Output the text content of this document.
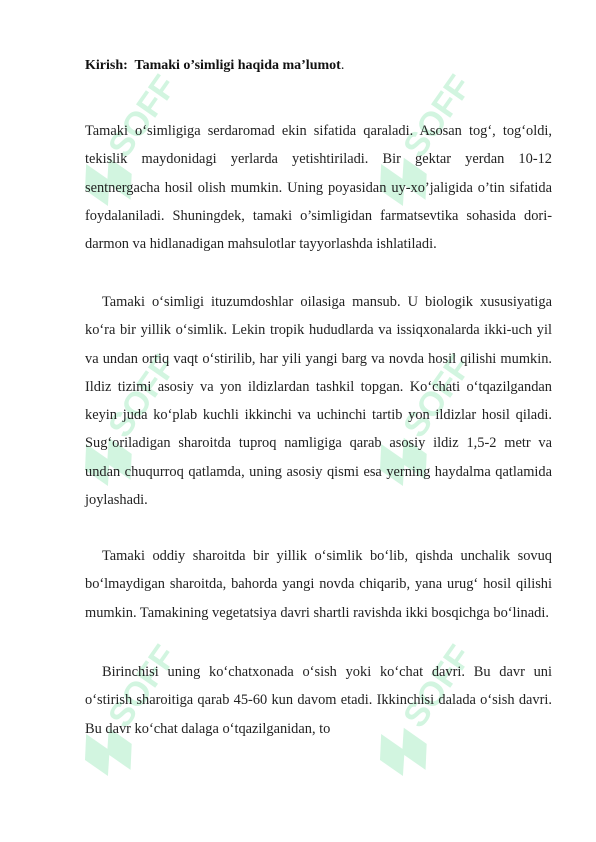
SOFF	SOFF
SOFF	SOFF
SOFF	SOFF
Kirish: Tamaki o’simligi haqida ma’lumot.

Tamaki o‘simligiga serdaromad ekin sifatida qaraladi. Asosan tog‘, tog‘oldi, tekislik maydonidagi yerlarda yetishtiriladi. Bir gektar yerdan 10-12 sentnergacha hosil olish mumkin. Uning poyasidan uy-xo’jaligida o’tin sifatida foydalaniladi. Shuningdek, tamaki o’simligidan farmatsevtika sohasida dori-darmon va hidlanadigan mahsulotlar tayyorlashda ishlatiladi.

Tamaki o‘simligi ituzumdoshlar oilasiga mansub. U biologik xususiyatiga ko‘ra bir yillik o‘simlik. Lekin tropik hududlarda va issiqxonalarda ikki-uch yil va undan ortiq vaqt o‘stirilib, har yili yangi barg va novda hosil qilishi mumkin. Ildiz tizimi asosiy va yon ildizlardan tashkil topgan. Ko‘chati o‘tqazilgandan keyin juda ko‘plab kuchli ikkinchi va uchinchi tartib yon ildizlar hosil qiladi. Sug‘oriladigan sharoitda tuproq namligiga qarab asosiy ildiz 1,5-2 metr va undan chuqurroq qatlamda, uning asosiy qismi esa yerning haydalma qatlamida joylashadi.

Tamaki oddiy sharoitda bir yillik o‘simlik bo‘lib, qishda unchalik sovuq bo‘lmaydigan sharoitda, bahorda yangi novda chiqarib, yana urug‘ hosil qilishi mumkin. Tamakining vegetatsiya davri shartli ravishda ikki bosqichga bo‘linadi.

Birinchisi uning ko‘chatxonada o‘sish yoki ko‘chat davri. Bu davr uni o‘stirish sharoitiga qarab 45-60 kun davom etadi. Ikkinchisi dalada o‘sish davri. Bu davr ko‘chat dalaga o‘tqazilganidan, to
